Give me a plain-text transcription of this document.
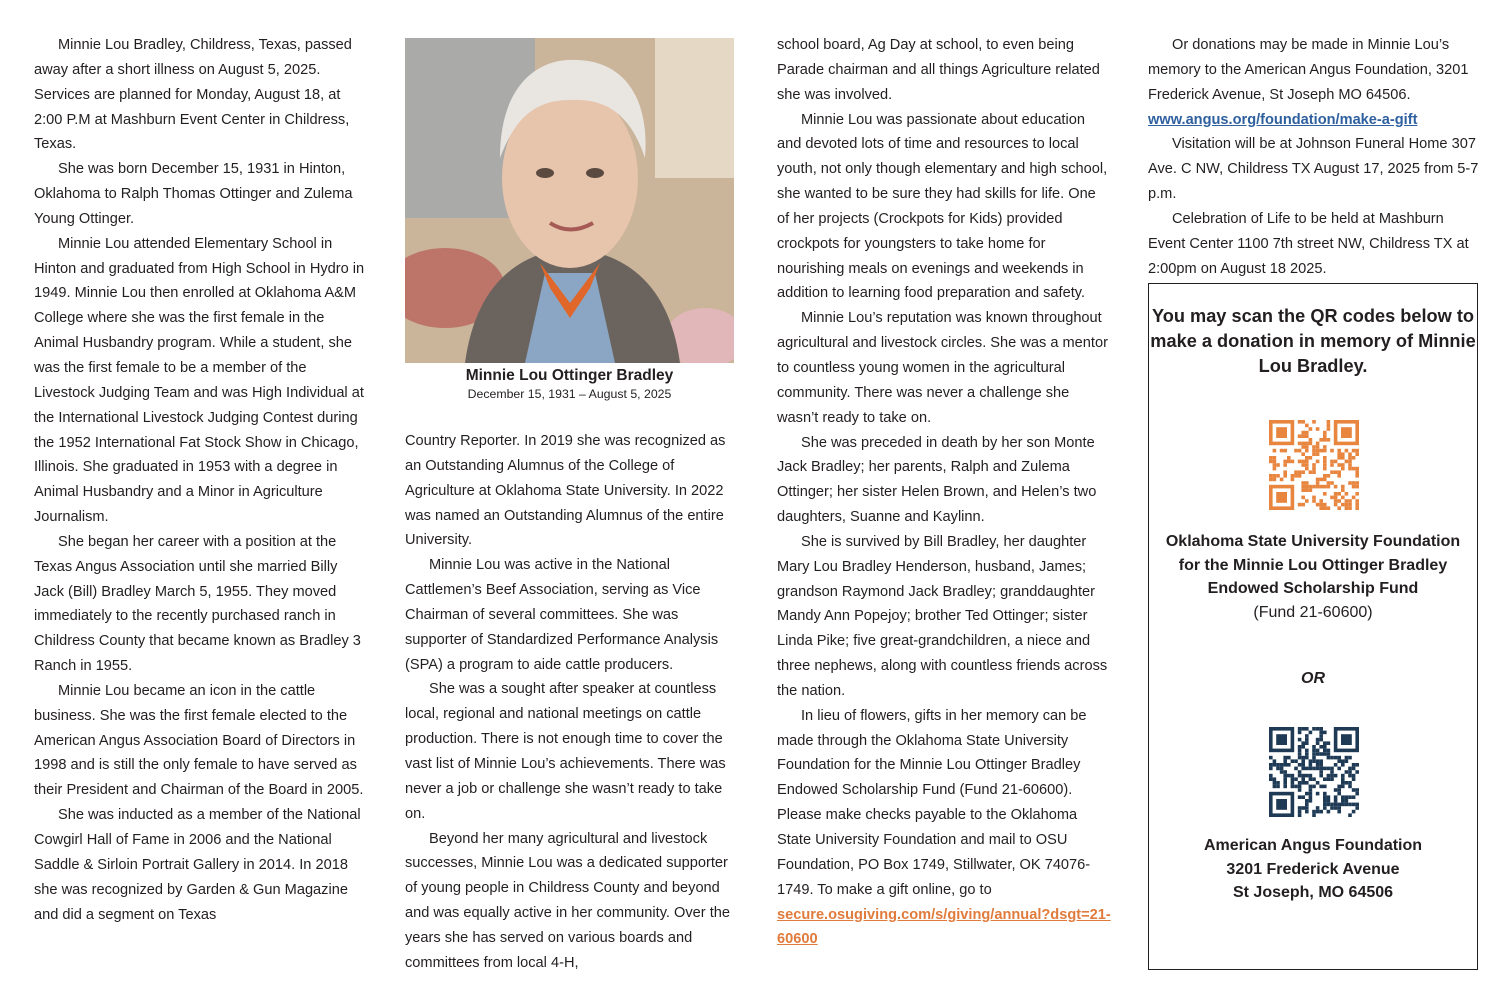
Minnie Lou Bradley, Childress, Texas, passed away after a short illness on August 5, 2025. Services are planned for Monday, August 18, at 2:00 P.M at Mashburn Event Center in Childress, Texas.

She was born December 15, 1931 in Hinton, Oklahoma to Ralph Thomas Ottinger and Zulema Young Ottinger.

Minnie Lou attended Elementary School in Hinton and graduated from High School in Hydro in 1949. Minnie Lou then enrolled at Oklahoma A&M College where she was the first female in the Animal Husbandry program. While a student, she was the first female to be a member of the Livestock Judging Team and was High Individual at the International Livestock Judging Contest during the 1952 International Fat Stock Show in Chicago, Illinois. She graduated in 1953 with a degree in Animal Husbandry and a Minor in Agriculture Journalism.

She began her career with a position at the Texas Angus Association until she married Billy Jack (Bill) Bradley March 5, 1955. They moved immediately to the recently purchased ranch in Childress County that became known as Bradley 3 Ranch in 1955.

Minnie Lou became an icon in the cattle business. She was the first female elected to the American Angus Association Board of Directors in 1998 and is still the only female to have served as their President and Chairman of the Board in 2005.

She was inducted as a member of the National Cowgirl Hall of Fame in 2006 and the National Saddle & Sirloin Portrait Gallery in 2014. In 2018 she was recognized by Garden & Gun Magazine and did a segment on Texas

Minnie Lou Ottinger Bradley
December 15, 1931 – August 5, 2025

Country Reporter. In 2019 she was recognized as an Outstanding Alumnus of the College of Agriculture at Oklahoma State University. In 2022 was named an Outstanding Alumnus of the entire University.

Minnie Lou was active in the National Cattlemen’s Beef Association, serving as Vice Chairman of several committees. She was supporter of Standardized Performance Analysis (SPA) a program to aide cattle producers.

She was a sought after speaker at countless local, regional and national meetings on cattle production. There is not enough time to cover the vast list of Minnie Lou’s achievements. There was never a job or challenge she wasn’t ready to take on.

Beyond her many agricultural and livestock successes, Minnie Lou was a dedicated supporter of young people in Childress County and beyond and was equally active in her community. Over the years she has served on various boards and committees from local 4-H,

school board, Ag Day at school, to even being Parade chairman and all things Agriculture related she was involved.

Minnie Lou was passionate about education and devoted lots of time and resources to local youth, not only though elementary and high school, she wanted to be sure they had skills for life. One of her projects (Crockpots for Kids) provided crockpots for youngsters to take home for nourishing meals on evenings and weekends in addition to learning food preparation and safety.

Minnie Lou’s reputation was known throughout agricultural and livestock circles. She was a mentor to countless young women in the agricultural community. There was never a challenge she wasn’t ready to take on.

She was preceded in death by her son Monte Jack Bradley; her parents, Ralph and Zulema Ottinger; her sister Helen Brown, and Helen’s two daughters, Suanne and Kaylinn.

She is survived by Bill Bradley, her daughter Mary Lou Bradley Henderson, husband, James; grandson Raymond Jack Bradley; granddaughter Mandy Ann Popejoy; brother Ted Ottinger; sister Linda Pike; five great-grandchildren, a niece and three nephews, along with countless friends across the nation.

In lieu of flowers, gifts in her memory can be made through the Oklahoma State University Foundation for the Minnie Lou Ottinger Bradley Endowed Scholarship Fund (Fund 21-60600). Please make checks payable to the Oklahoma State University Foundation and mail to OSU Foundation, PO Box 1749, Stillwater, OK 74076-1749. To make a gift online, go to secure.osugiving.com/s/giving/annual?dsgt=21-60600

Or donations may be made in Minnie Lou’s memory to the American Angus Foundation, 3201 Frederick Avenue, St Joseph MO 64506.

www.angus.org/foundation/make-a-gift

Visitation will be at Johnson Funeral Home 307 Ave. C NW, Childress TX August 17, 2025 from 5-7 p.m.

Celebration of Life to be held at Mashburn Event Center 1100 7th street NW, Childress TX at 2:00pm on August 18 2025.

You may scan the QR codes below to make a donation in memory of Minnie Lou Bradley.
Oklahoma State University Foundation
for the Minnie Lou Ottinger Bradley
Endowed Scholarship Fund
(Fund 21-60600)
OR
American Angus Foundation
3201 Frederick Avenue
St Joseph, MO 64506
